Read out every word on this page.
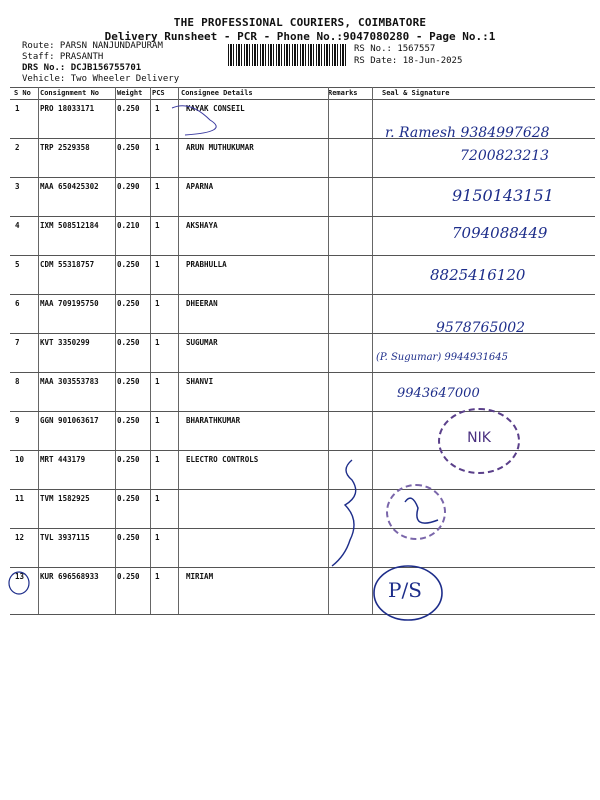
THE PROFESSIONAL COURIERS, COIMBATORE
Delivery Runsheet - PCR - Phone No.:9047080280 - Page No.:1
Route: PARSN NANJUNDAPURAM
Staff: PRASANTH
DRS No.: DCJB156755701
Vehicle: Two Wheeler Delivery
RS No.: 1567557
RS Date: 18-Jun-2025
S No Consignment No	Weight PCS Consignee Details	Remarks	Seal & Signature
1	PRO 18033171	0.250 1	KAYAK CONSEIL
2	TRP 2529358	0.250 1	ARUN MUTHUKUMAR
3	MAA 650425302 0.290 1	APARNA
4	IXM 508512184 0.210 1	AKSHAYA
5	CDM 55318757	0.250 1	PRABHULLA
6	MAA 709195750 0.250 1	DHEERAN
7	KVT 3350299	0.250 1	SUGUMAR
8	MAA 303553783 0.250 1	SHANVI
9	GGN 901063617 0.250 1	BHARATHKUMAR
10 MRT 443179	0.250 1	ELECTRO CONTROLS
11 TVM 1582925	0.250 1
12 TVL 3937115	0.250 1
13 KUR 696568933 0.250 1	MIRIAM
r. Ramesh 9384997628
7200823213
9150143151
7094088449
8825416120
9578765002
(P. Sugumar) 9944931645
9943647000
NIK
P/S
